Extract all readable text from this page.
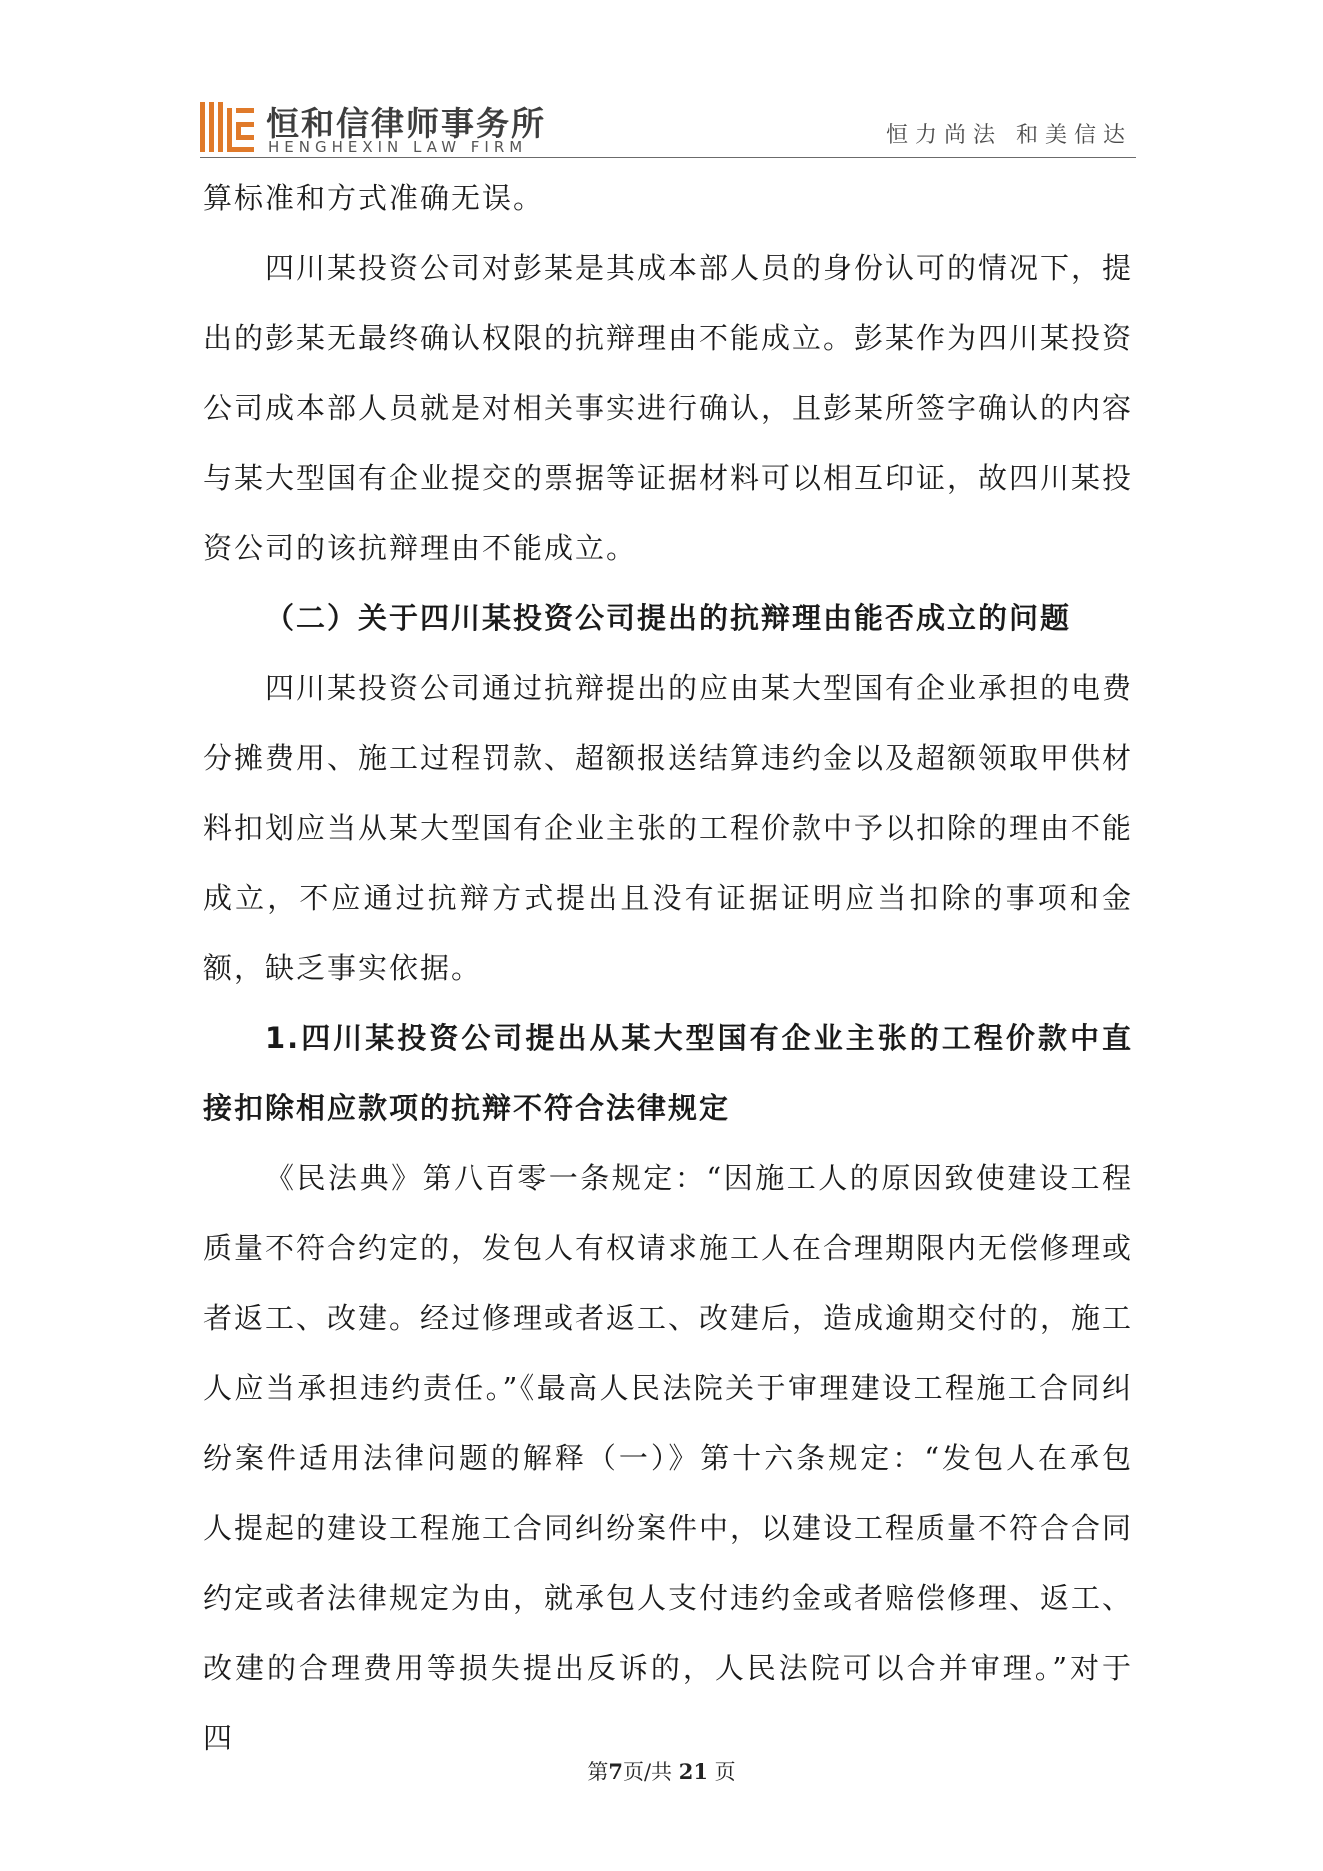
恒和信律师事务所
HENGHEXIN LAW FIRM	恒力尚法 和美信达

算标准和方式准确无误。

四川某投资公司对彭某是其成本部人员的身份认可的情况下，提出的彭某无最终确认权限的抗辩理由不能成立。彭某作为四川某投资公司成本部人员就是对相关事实进行确认，且彭某所签字确认的内容与某大型国有企业提交的票据等证据材料可以相互印证，故四川某投资公司的该抗辩理由不能成立。

（二）关于四川某投资公司提出的抗辩理由能否成立的问题

四川某投资公司通过抗辩提出的应由某大型国有企业承担的电费分摊费用、施工过程罚款、超额报送结算违约金以及超额领取甲供材料扣划应当从某大型国有企业主张的工程价款中予以扣除的理由不能成立，不应通过抗辩方式提出且没有证据证明应当扣除的事项和金额，缺乏事实依据。

1.四川某投资公司提出从某大型国有企业主张的工程价款中直接扣除相应款项的抗辩不符合法律规定

《民法典》第八百零一条规定：“因施工人的原因致使建设工程质量不符合约定的，发包人有权请求施工人在合理期限内无偿修理或者返工、改建。经过修理或者返工、改建后，造成逾期交付的，施工人应当承担违约责任。”《最高人民法院关于审理建设工程施工合同纠纷案件适用法律问题的解释（一）》第十六条规定：“发包人在承包人提起的建设工程施工合同纠纷案件中，以建设工程质量不符合合同约定或者法律规定为由，就承包人支付违约金或者赔偿修理、返工、改建的合理费用等损失提出反诉的，人民法院可以合并审理。”对于四

第7页/共 21 页
